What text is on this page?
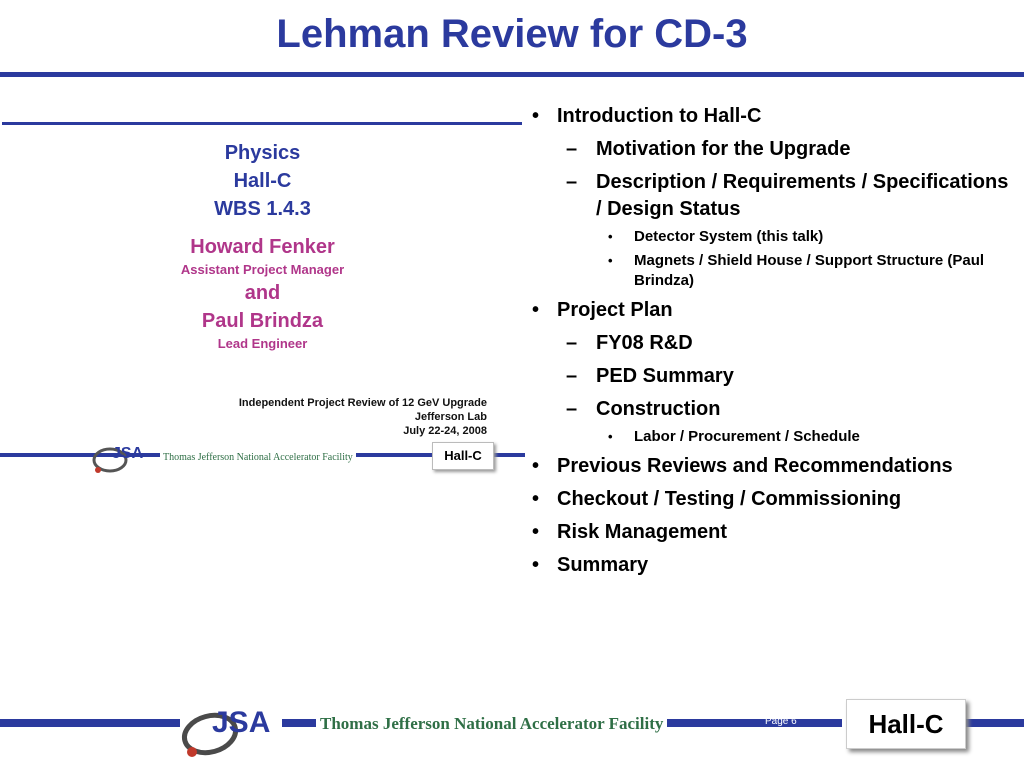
Lehman Review for CD-3
Physics
Hall-C
WBS 1.4.3
Howard Fenker
Assistant Project Manager
and
Paul Brindza
Lead Engineer
Independent Project Review of 12 GeV Upgrade
Jefferson Lab
July 22-24, 2008
JSA	Thomas Jefferson National Accelerator Facility	Hall-C
• Introduction to Hall-C
– Motivation for the Upgrade
– Description / Requirements / Specifications / Design Status
• Detector System (this talk)
• Magnets / Shield House / Support Structure (Paul Brindza)
• Project Plan
– FY08 R&D
– PED Summary
– Construction
• Labor / Procurement / Schedule
• Previous Reviews and Recommendations
• Checkout / Testing / Commissioning
• Risk Management
• Summary
JSA	Thomas Jefferson National Accelerator Facility	Page 6	Hall-C
